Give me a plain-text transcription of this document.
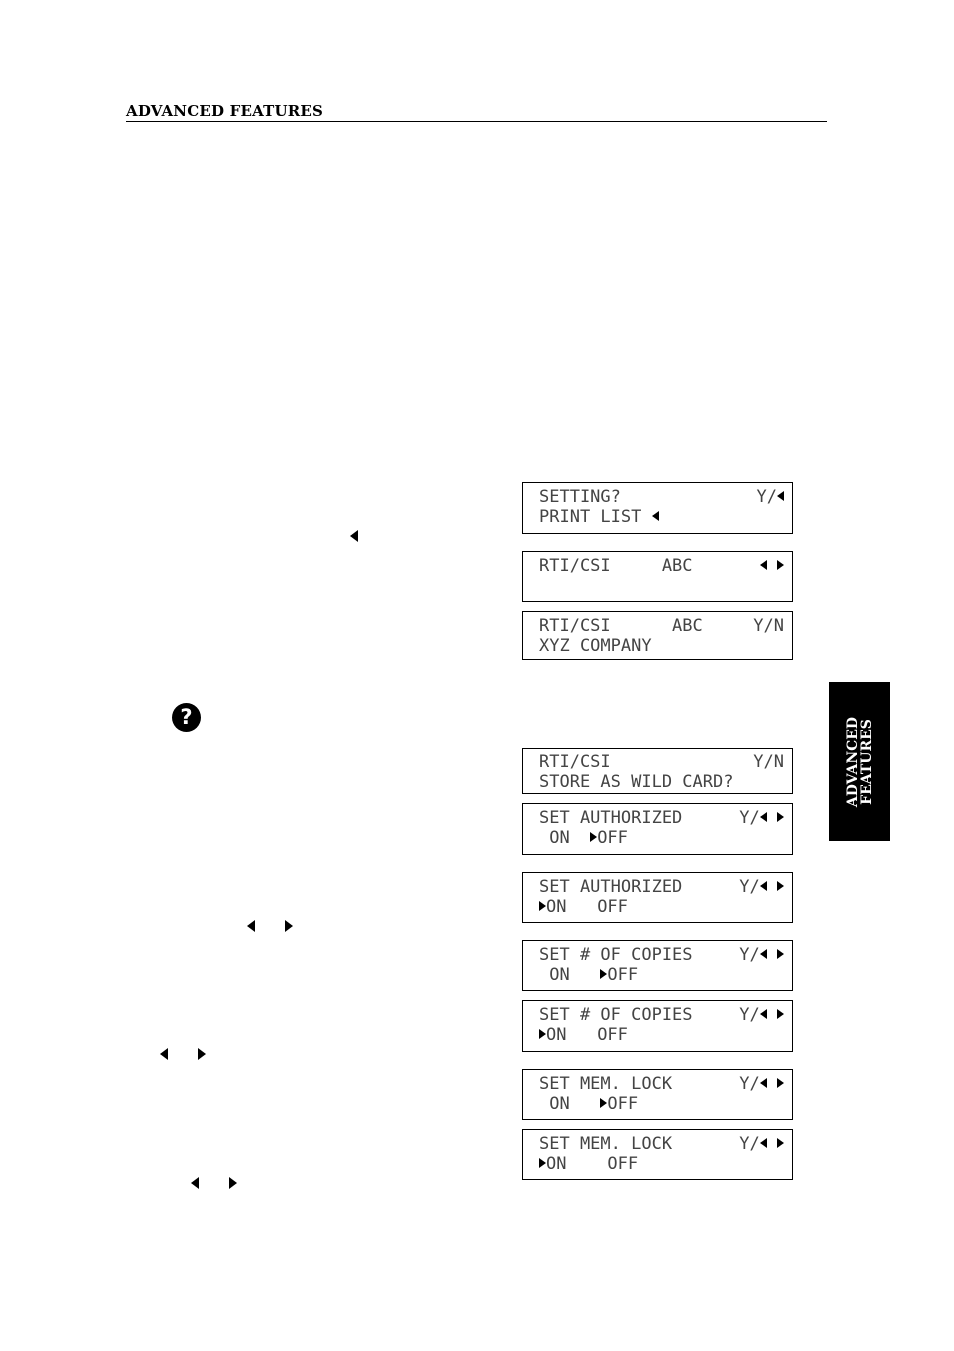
ADVANCED FEATURES
ADVANCED
FEATURES
?
SETTING?	Y/
PRINT LIST
RTI/CSI     ABC

RTI/CSI      ABC	Y/N
XYZ COMPANY
RTI/CSI	Y/N
STORE AS WILD CARD?
SET AUTHORIZED	Y/ 
ON  OFF
SET AUTHORIZED	Y/ 
ON   OFF
SET # OF COPIES	Y/ 
ON   OFF
SET # OF COPIES	Y/ 
ON   OFF
SET MEM. LOCK	Y/ 
ON   OFF
SET MEM. LOCK	Y/ 
ON    OFF
